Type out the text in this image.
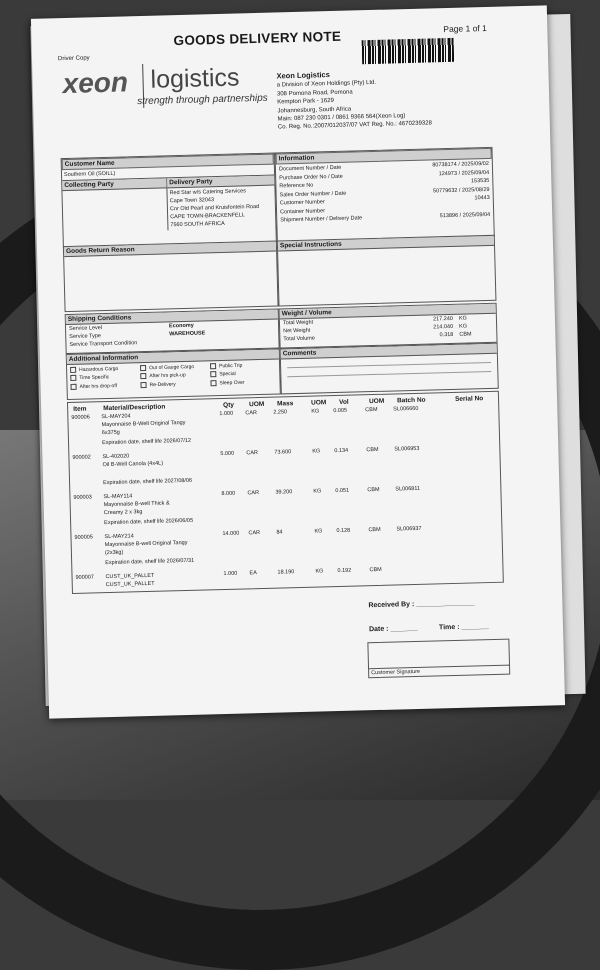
GOODS DELIVERY NOTE
Page 1 of 1
Driver Copy
xeon logistics
strength through partnerships
Xeon Logistics
a Division of Xeon Holdings (Pty) Ltd.
308 Pomona Road, Pomona
Kempton Park - 1629
Johannesburg, South Africa
Main: 087 230 0301 / 0861 9366 564(Xeon Log)
Co. Reg. No.:2007/012037/07 VAT Reg. No.: 4670239328
Customer Name
Southern Oil (SOILL)
Collecting Party	Delivery Party
Red Star w/s Catering Services
Cape Town 32043
Cnr Old Pearl and Kruisfontein Road
CAPE TOWN-BRACKENFELL
7560 SOUTH AFRICA
Information
Document Number / Date
80738174 / 2025/09/02
Purchase Order No / Date
124973 / 2025/09/04
Reference No
153535
Sales Order Number / Date
50779632 / 2025/08/29
Customer Number
10443
Container Number
Shipment Number / Delivery Date	513896 / 2025/09/04
Goods Return Reason
Special Instructions
Shipping Conditions
Service Level	Economy
Service Type	WAREHOUSE
Service Transport Condition
Weight / Volume
Total Weight
217.240 KG
Net Weight
214.040 KG
Total Volume
0.318 CBM
Additional Information
Hazardous Cargo	Out of Gauge Cargo	Public Trip
Time Specific	After hrs pick-up	Special
After hrs drop-off	Re-Delivery	Sleep Over
Comments
Item	Material/Description	Qty UOM Mass	UOM Vol	UOM Batch No	Serial No
900006 SL-MAY204
Mayonnaise B-Well Original Tangy
6x375g
Expiration date, shelf life 2026/07/12
1.000 CAR	2.250	KG	0.005	CBM	SL006660
900002 SL-402020
Oil B-Well Canola (4x4L)
Expiration date, shelf life 2027/08/06
5.000 CAR	73.600	KG	0.134	CBM	SL006953
900003 SL-MAY114
Mayonnaise B-well Thick &
Creamy 2 x 3kg
Expiration date, shelf life 2026/06/05
8.000 CAR	39.200	KG	0.051	CBM	SL006811
900005 SL-MAY214
Mayonnaise B-well Original Tangy
(2x3kg)
Expiration date, shelf life 2026/07/31
14.000 CAR	84	KG	0.128	CBM	SL006937
900007 CUST_UK_PALLET
CUST_UK_PALLET
1.000 EA	18.190	KG	0.192	CBM
Received By : _______________
Date : _______	Time : _______
Customer Signature
